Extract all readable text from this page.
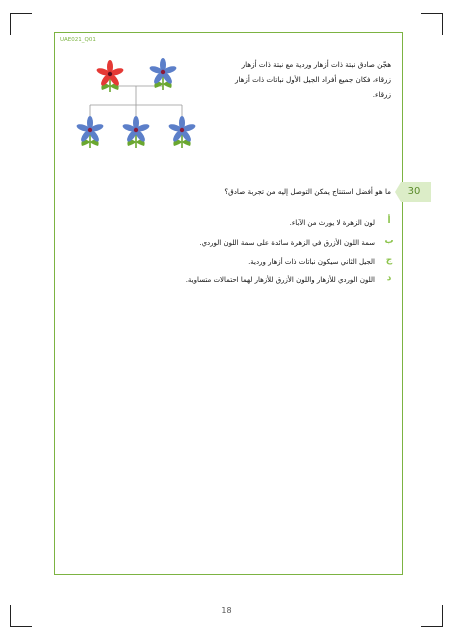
UAE021_Q01
هجّن صادق نبتة ذات أزهار وردية مع نبتة ذات أزهار زرقاء، فكان جميع أفراد الجيل الأول نباتات ذات أزهار زرقاء.
30
ما هو أفضل استنتاج يمكن التوصل إليه من تجربة صادق؟
أ
لون الزهرة لا يورث من الآباء.
ب
سمة اللون الأزرق في الزهرة سائدة على سمة اللون الوردي.
ج
الجيل الثاني سيكون نباتات ذات أزهار وردية.
د
اللون الوردي للأزهار واللون الأزرق للأزهار لهما احتمالات متساوية.
18
